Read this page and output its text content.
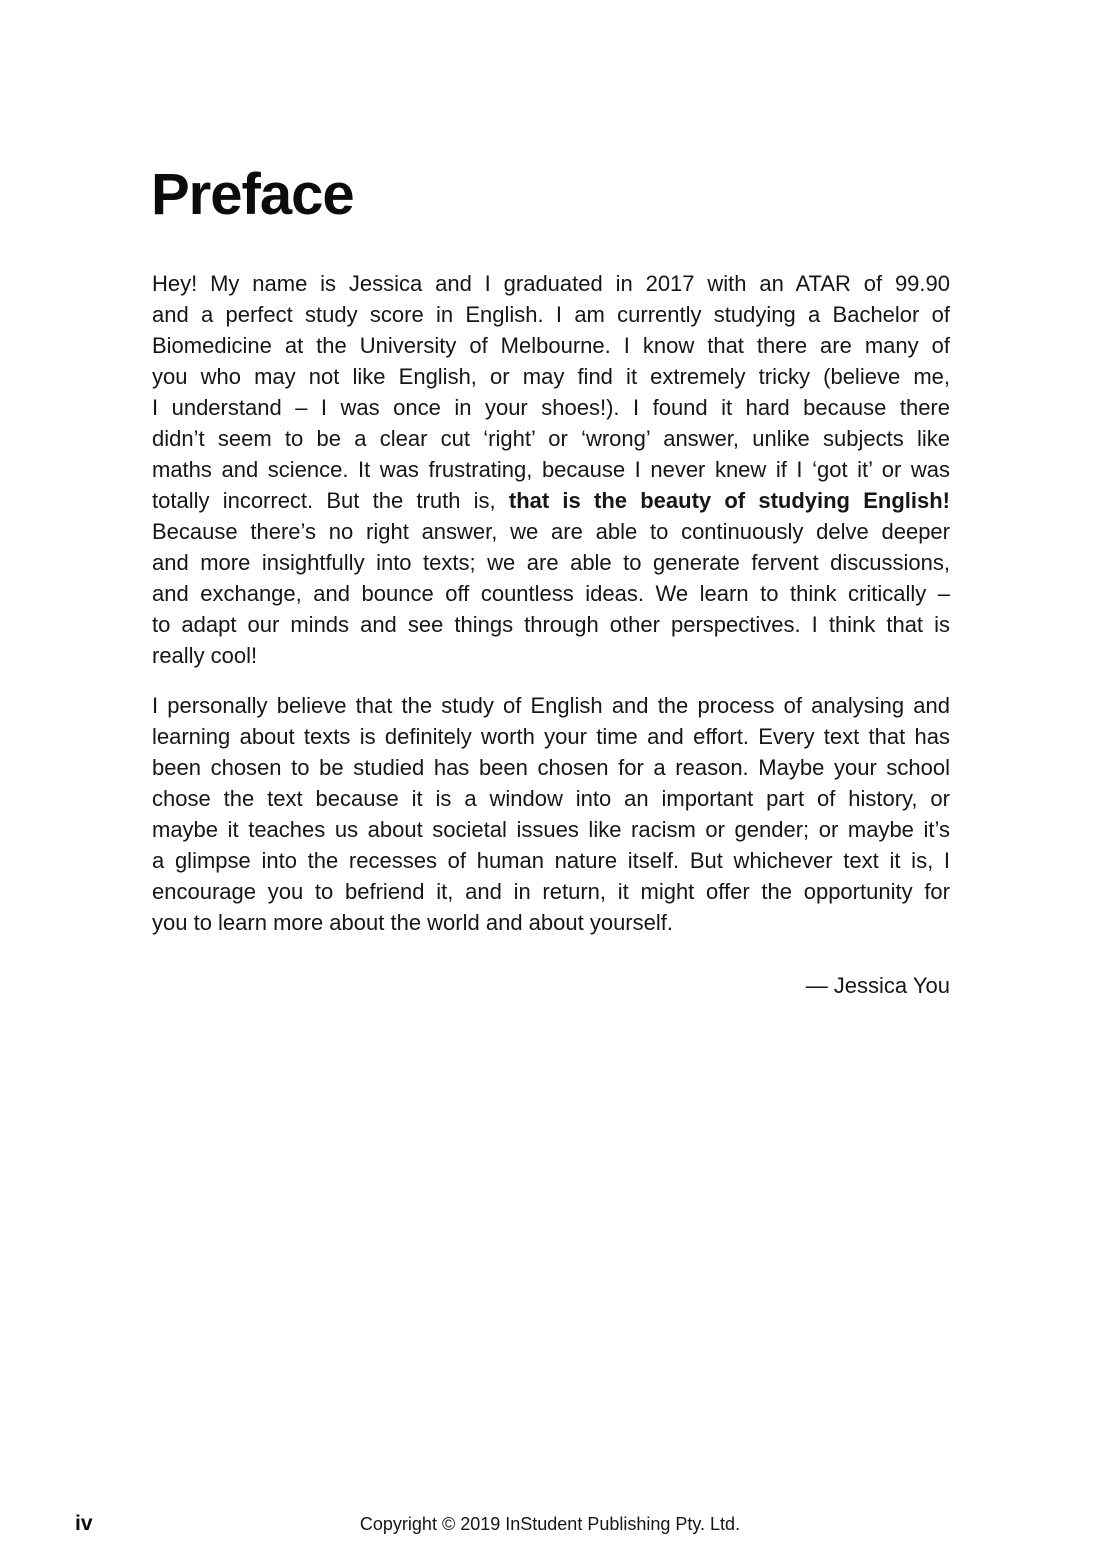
Preface
Hey! My name is Jessica and I graduated in 2017 with an ATAR of 99.90
and a perfect study score in English. I am currently studying a Bachelor of
Biomedicine at the University of Melbourne. I know that there are many of
you who may not like English, or may find it extremely tricky (believe me,
I understand – I was once in your shoes!). I found it hard because there
didn’t seem to be a clear cut ‘right’ or ‘wrong’ answer, unlike subjects like
maths and science. It was frustrating, because I never knew if I ‘got it’ or was
totally incorrect. But the truth is, that is the beauty of studying English!
Because there’s no right answer, we are able to continuously delve deeper
and more insightfully into texts; we are able to generate fervent discussions,
and exchange, and bounce off countless ideas. We learn to think critically –
to adapt our minds and see things through other perspectives. I think that is
really cool!
I personally believe that the study of English and the process of analysing and
learning about texts is definitely worth your time and effort. Every text that has
been chosen to be studied has been chosen for a reason. Maybe your school
chose the text because it is a window into an important part of history, or
maybe it teaches us about societal issues like racism or gender; or maybe it’s
a glimpse into the recesses of human nature itself. But whichever text it is, I
encourage you to befriend it, and in return, it might offer the opportunity for
you to learn more about the world and about yourself.
— Jessica You
iv	Copyright © 2019 InStudent Publishing Pty. Ltd.
